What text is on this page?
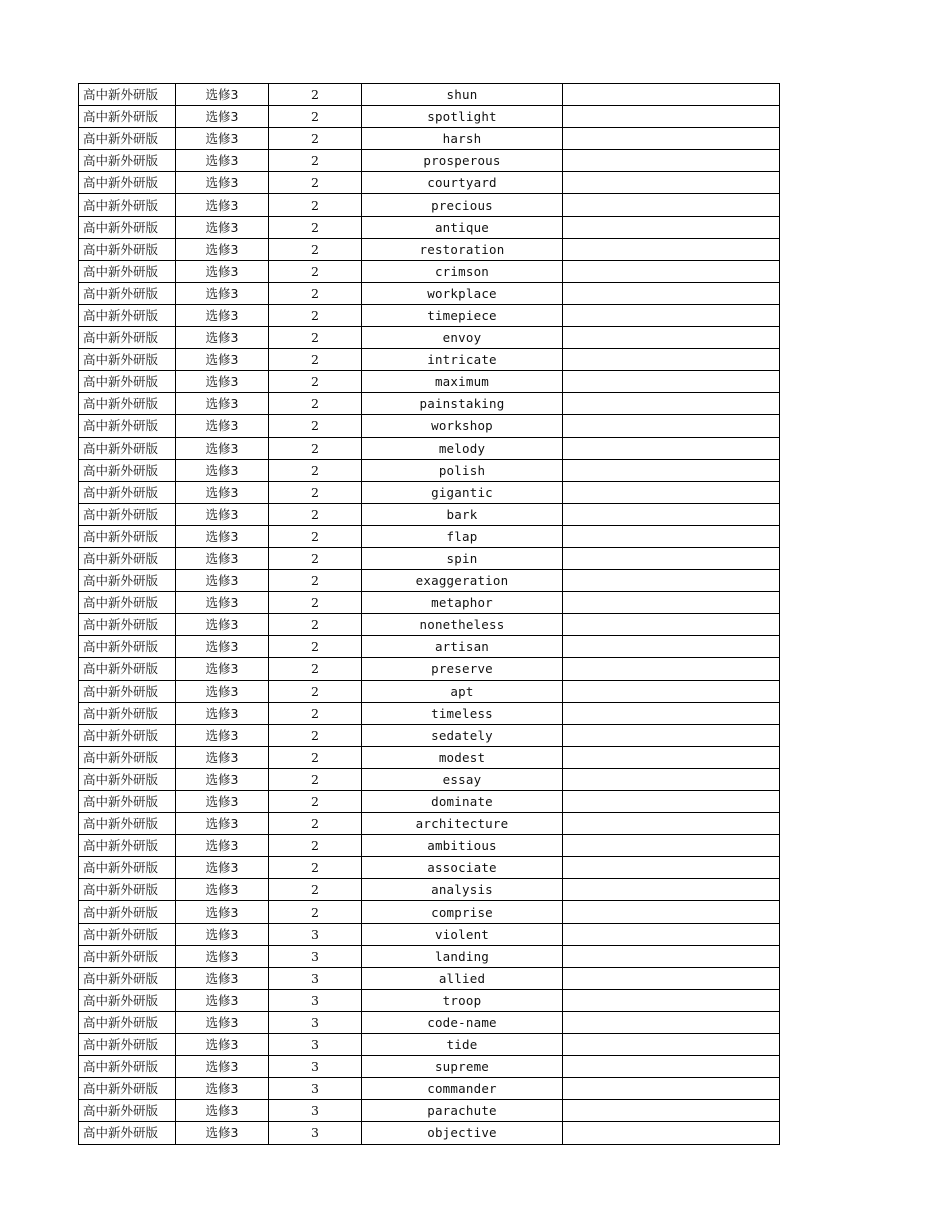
高中新外研版	选修3	2	shun	
高中新外研版	选修3	2	spotlight	
高中新外研版	选修3	2	harsh	
高中新外研版	选修3	2	prosperous	
高中新外研版	选修3	2	courtyard	
高中新外研版	选修3	2	precious	
高中新外研版	选修3	2	antique	
高中新外研版	选修3	2	restoration	
高中新外研版	选修3	2	crimson	
高中新外研版	选修3	2	workplace	
高中新外研版	选修3	2	timepiece	
高中新外研版	选修3	2	envoy	
高中新外研版	选修3	2	intricate	
高中新外研版	选修3	2	maximum	
高中新外研版	选修3	2	painstaking	
高中新外研版	选修3	2	workshop	
高中新外研版	选修3	2	melody	
高中新外研版	选修3	2	polish	
高中新外研版	选修3	2	gigantic	
高中新外研版	选修3	2	bark	
高中新外研版	选修3	2	flap	
高中新外研版	选修3	2	spin	
高中新外研版	选修3	2	exaggeration	
高中新外研版	选修3	2	metaphor	
高中新外研版	选修3	2	nonetheless	
高中新外研版	选修3	2	artisan	
高中新外研版	选修3	2	preserve	
高中新外研版	选修3	2	apt	
高中新外研版	选修3	2	timeless	
高中新外研版	选修3	2	sedately	
高中新外研版	选修3	2	modest	
高中新外研版	选修3	2	essay	
高中新外研版	选修3	2	dominate	
高中新外研版	选修3	2	architecture	
高中新外研版	选修3	2	ambitious	
高中新外研版	选修3	2	associate	
高中新外研版	选修3	2	analysis	
高中新外研版	选修3	2	comprise	
高中新外研版	选修3	3	violent	
高中新外研版	选修3	3	landing	
高中新外研版	选修3	3	allied	
高中新外研版	选修3	3	troop	
高中新外研版	选修3	3	code-name	
高中新外研版	选修3	3	tide	
高中新外研版	选修3	3	supreme	
高中新外研版	选修3	3	commander	
高中新外研版	选修3	3	parachute	
高中新外研版	选修3	3	objective	
